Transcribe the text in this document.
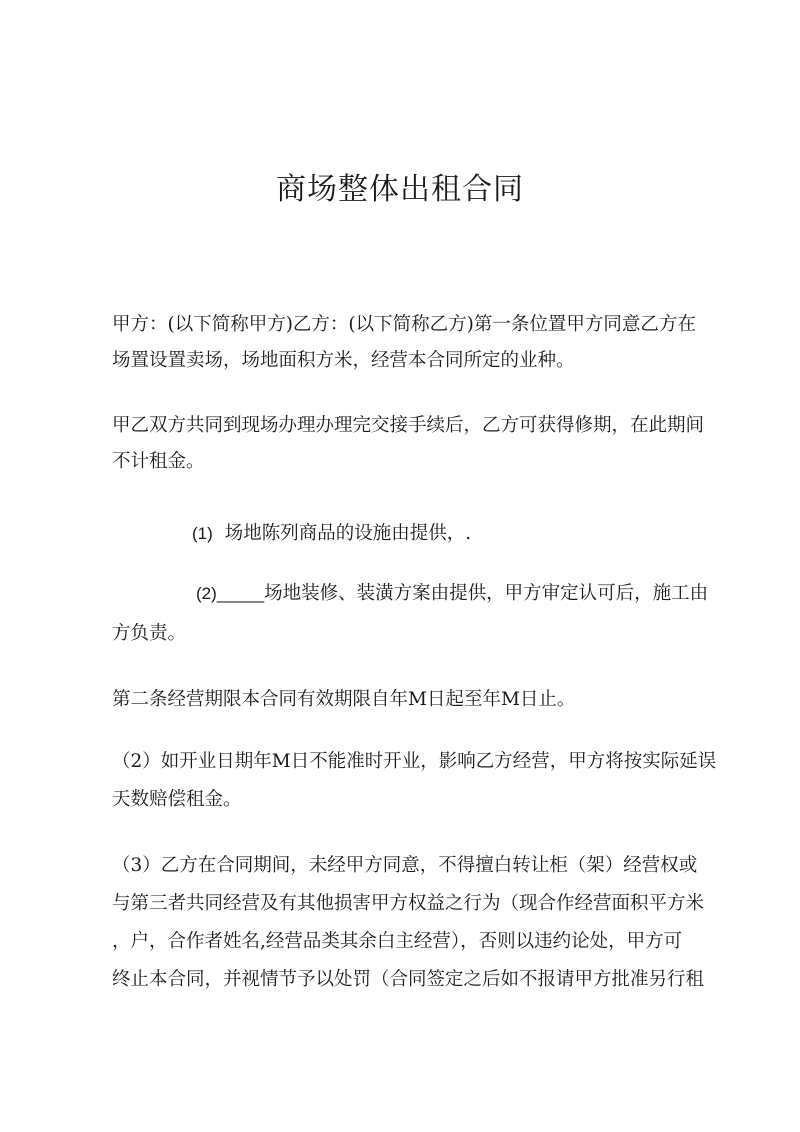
商场整体出租合同

甲方：(以下简称甲方)乙方：(以下简称乙方)第一条位置甲方同意乙方在

场置设置卖场，场地面积方米，经营本合同所定的业种。

甲乙双方共同到现场办理办理完交接手续后，乙方可获得修期，在此期间

不计租金。

(1) 场地陈列商品的设施由提供，.

(2)_____场地装修、装潢方案由提供，甲方审定认可后，施工由

方负责。

第二条经营期限本合同有效期限自年M日起至年M日止。

（2）如开业日期年M日不能准时开业，影响乙方经营，甲方将按实际延误

天数赔偿租金。

（3）乙方在合同期间，未经甲方同意，不得擅白转让柜（架）经营权或

与第三者共同经营及有其他损害甲方权益之行为（现合作经营面积平方米

，户，合作者姓名,经营品类其余白主经营），否则以违约论处，甲方可

终止本合同，并视情节予以处罚（合同签定之后如不报请甲方批准另行租
